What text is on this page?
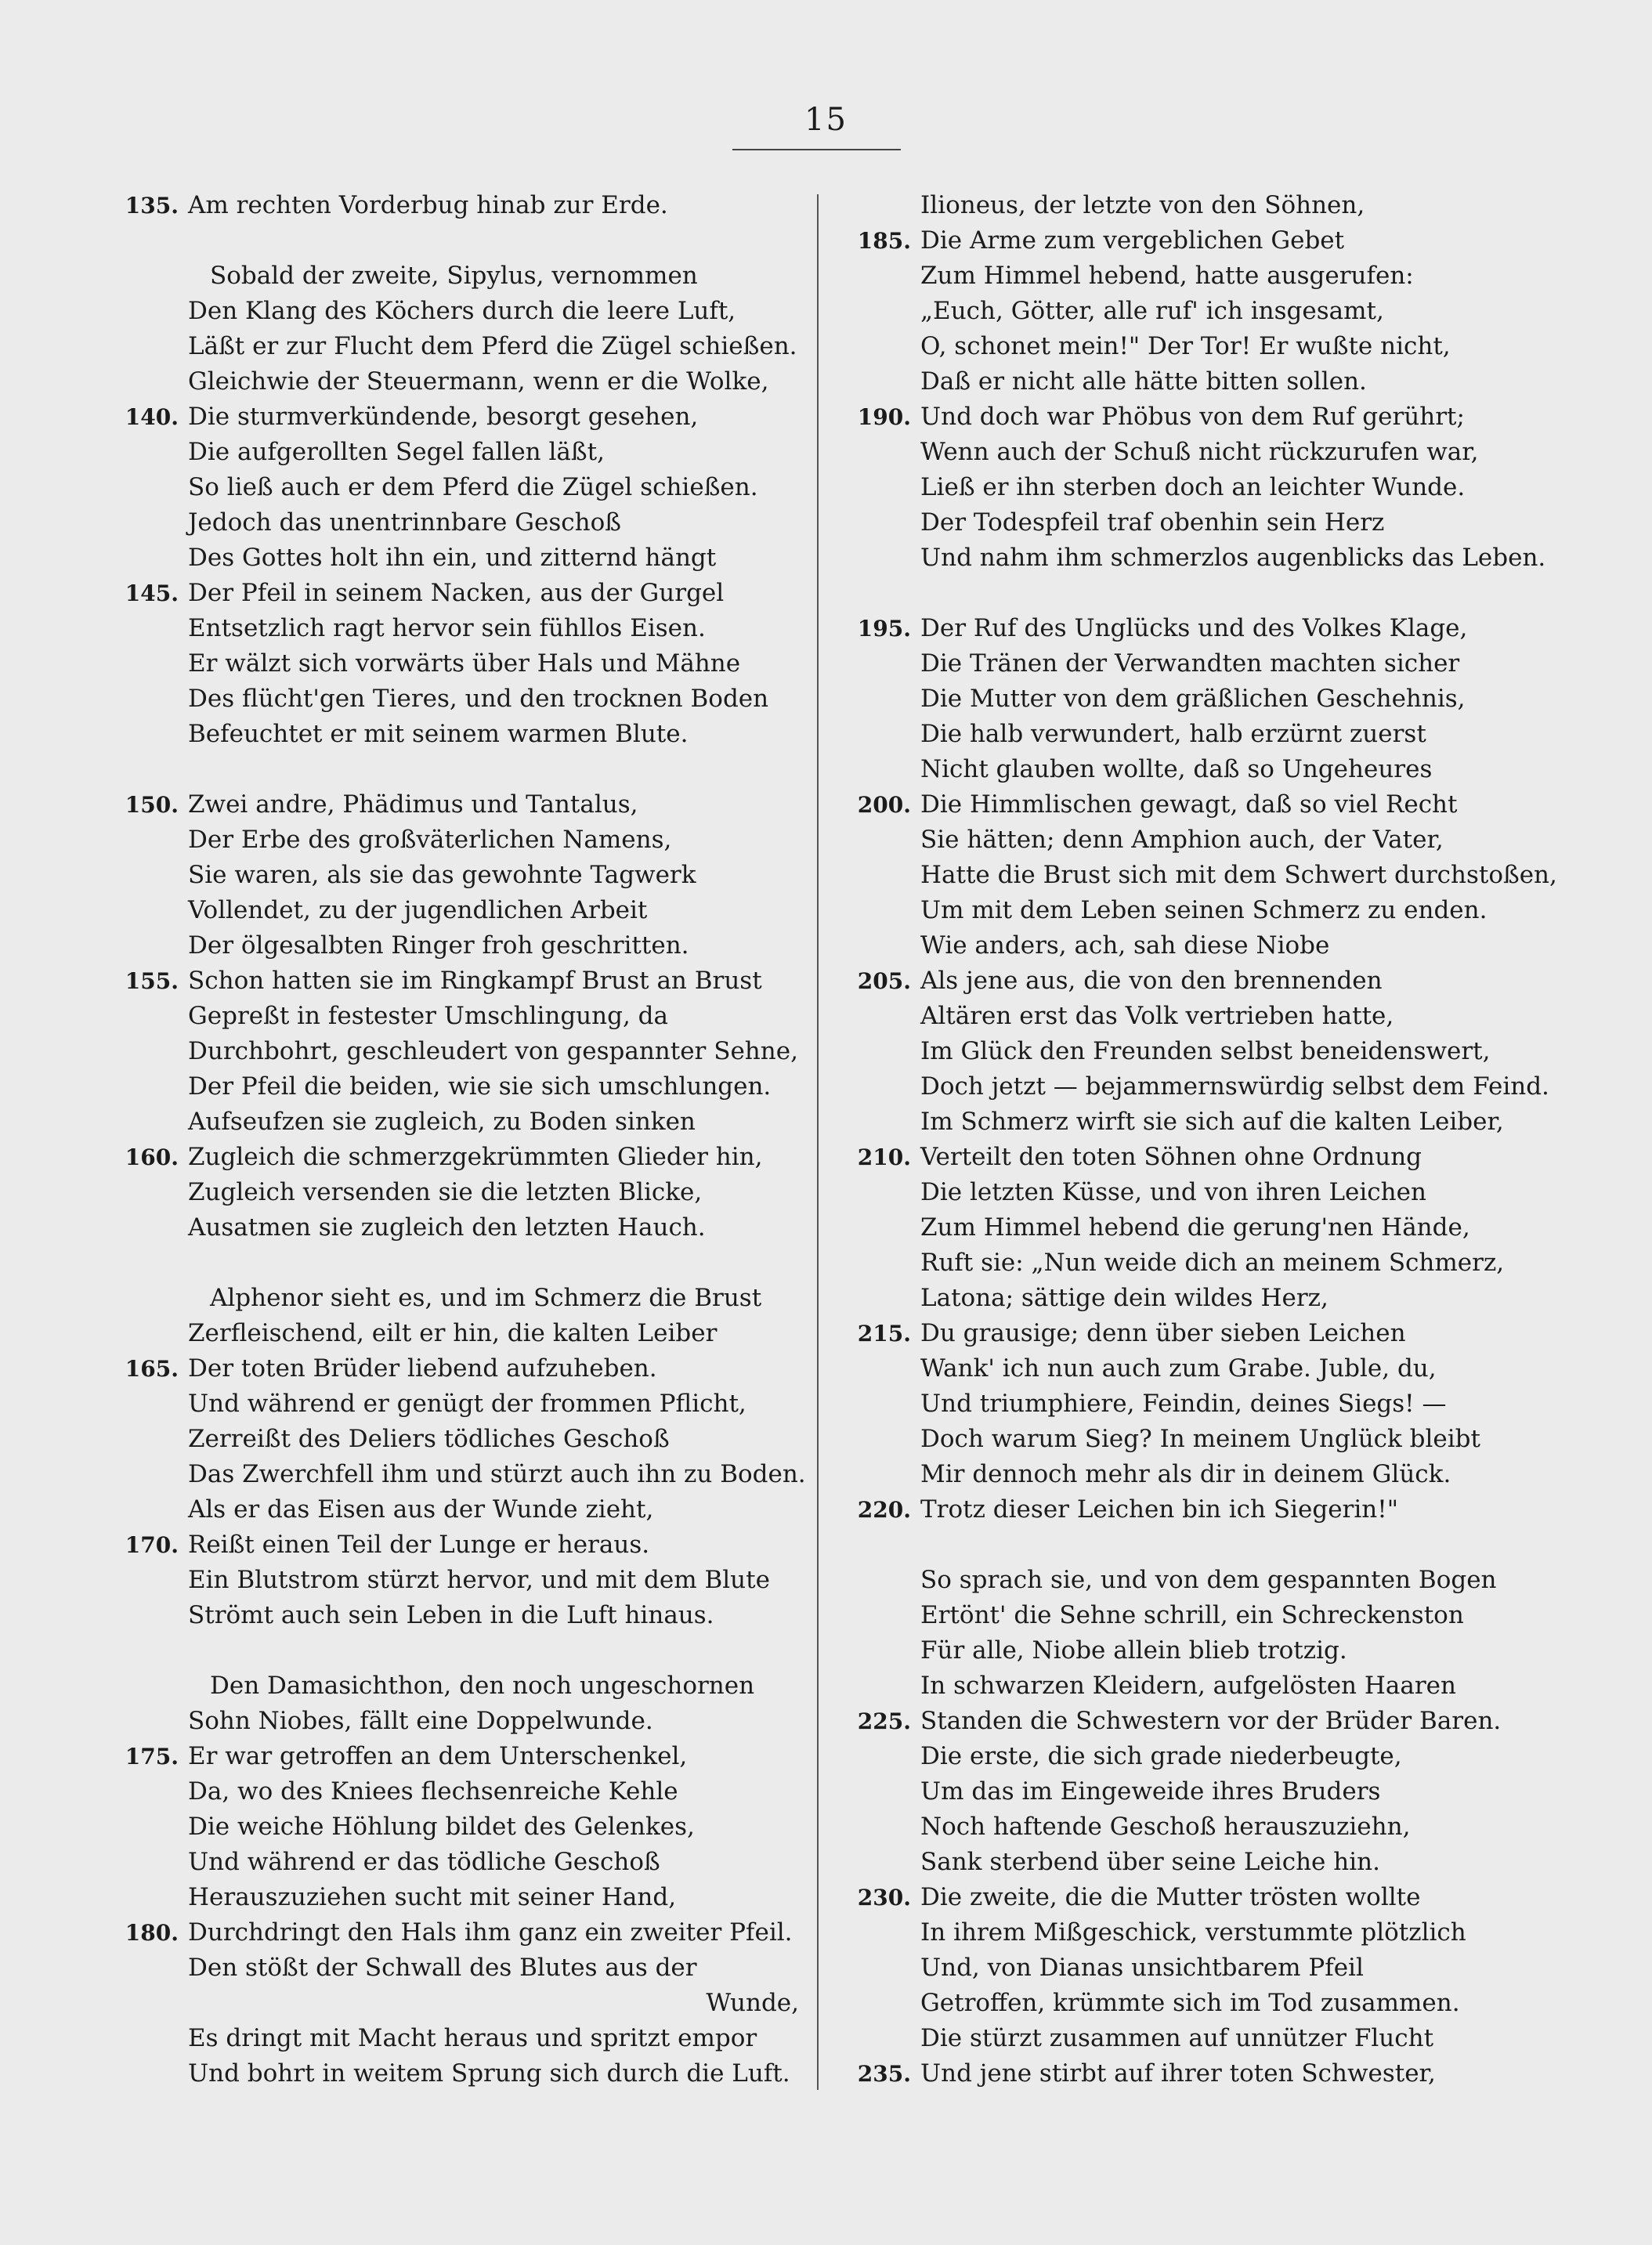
15
135. Am rechten Vorderbug hinab zur Erde.
Sobald der zweite, Sipylus, vernommen
Den Klang des Köchers durch die leere Luft,
Läßt er zur Flucht dem Pferd die Zügel schießen.
Gleichwie der Steuermann, wenn er die Wolke,
140. Die sturmverkündende, besorgt gesehen,
Die aufgerollten Segel fallen läßt,
So ließ auch er dem Pferd die Zügel schießen.
Jedoch das unentrinnbare Geschoß
Des Gottes holt ihn ein, und zitternd hängt
145. Der Pfeil in seinem Nacken, aus der Gurgel
Entsetzlich ragt hervor sein fühllos Eisen.
Er wälzt sich vorwärts über Hals und Mähne
Des flücht'gen Tieres, und den trocknen Boden
Befeuchtet er mit seinem warmen Blute.
150. Zwei andre, Phädimus und Tantalus,
Der Erbe des großväterlichen Namens,
Sie waren, als sie das gewohnte Tagwerk
Vollendet, zu der jugendlichen Arbeit
Der ölgesalbten Ringer froh geschritten.
155. Schon hatten sie im Ringkampf Brust an Brust
Gepreßt in festester Umschlingung, da
Durchbohrt, geschleudert von gespannter Sehne,
Der Pfeil die beiden, wie sie sich umschlungen.
Aufseufzen sie zugleich, zu Boden sinken
160. Zugleich die schmerzgekrümmten Glieder hin,
Zugleich versenden sie die letzten Blicke,
Ausatmen sie zugleich den letzten Hauch.
Alphenor sieht es, und im Schmerz die Brust
Zerfleischend, eilt er hin, die kalten Leiber
165. Der toten Brüder liebend aufzuheben.
Und während er genügt der frommen Pflicht,
Zerreißt des Deliers tödliches Geschoß
Das Zwerchfell ihm und stürzt auch ihn zu Boden.
Als er das Eisen aus der Wunde zieht,
170. Reißt einen Teil der Lunge er heraus.
Ein Blutstrom stürzt hervor, und mit dem Blute
Strömt auch sein Leben in die Luft hinaus.
Den Damasichthon, den noch ungeschornen
Sohn Niobes, fällt eine Doppelwunde.
175. Er war getroffen an dem Unterschenkel,
Da, wo des Kniees flechsenreiche Kehle
Die weiche Höhlung bildet des Gelenkes,
Und während er das tödliche Geschoß
Herauszuziehen sucht mit seiner Hand,
180. Durchdringt den Hals ihm ganz ein zweiter Pfeil.
Den stößt der Schwall des Blutes aus der
Wunde,
Es dringt mit Macht heraus und spritzt empor
Und bohrt in weitem Sprung sich durch die Luft.
Ilioneus, der letzte von den Söhnen,
185. Die Arme zum vergeblichen Gebet
Zum Himmel hebend, hatte ausgerufen:
„Euch, Götter, alle ruf' ich insgesamt,
O, schonet mein!" Der Tor! Er wußte nicht,
Daß er nicht alle hätte bitten sollen.
190. Und doch war Phöbus von dem Ruf gerührt;
Wenn auch der Schuß nicht rückzurufen war,
Ließ er ihn sterben doch an leichter Wunde.
Der Todespfeil traf obenhin sein Herz
Und nahm ihm schmerzlos augenblicks das Leben.
195. Der Ruf des Unglücks und des Volkes Klage,
Die Tränen der Verwandten machten sicher
Die Mutter von dem gräßlichen Geschehnis,
Die halb verwundert, halb erzürnt zuerst
Nicht glauben wollte, daß so Ungeheures
200. Die Himmlischen gewagt, daß so viel Recht
Sie hätten; denn Amphion auch, der Vater,
Hatte die Brust sich mit dem Schwert durchstoßen,
Um mit dem Leben seinen Schmerz zu enden.
Wie anders, ach, sah diese Niobe
205. Als jene aus, die von den brennenden
Altären erst das Volk vertrieben hatte,
Im Glück den Freunden selbst beneidenswert,
Doch jetzt — bejammernswürdig selbst dem Feind.
Im Schmerz wirft sie sich auf die kalten Leiber,
210. Verteilt den toten Söhnen ohne Ordnung
Die letzten Küsse, und von ihren Leichen
Zum Himmel hebend die gerung'nen Hände,
Ruft sie: „Nun weide dich an meinem Schmerz,
Latona; sättige dein wildes Herz,
215. Du grausige; denn über sieben Leichen
Wank' ich nun auch zum Grabe. Juble, du,
Und triumphiere, Feindin, deines Siegs! —
Doch warum Sieg? In meinem Unglück bleibt
Mir dennoch mehr als dir in deinem Glück.
220. Trotz dieser Leichen bin ich Siegerin!"
So sprach sie, und von dem gespannten Bogen
Ertönt' die Sehne schrill, ein Schreckenston
Für alle, Niobe allein blieb trotzig.
In schwarzen Kleidern, aufgelösten Haaren
225. Standen die Schwestern vor der Brüder Baren.
Die erste, die sich grade niederbeugte,
Um das im Eingeweide ihres Bruders
Noch haftende Geschoß herauszuziehn,
Sank sterbend über seine Leiche hin.
230. Die zweite, die die Mutter trösten wollte
In ihrem Mißgeschick, verstummte plötzlich
Und, von Dianas unsichtbarem Pfeil
Getroffen, krümmte sich im Tod zusammen.
Die stürzt zusammen auf unnützer Flucht
235. Und jene stirbt auf ihrer toten Schwester,
